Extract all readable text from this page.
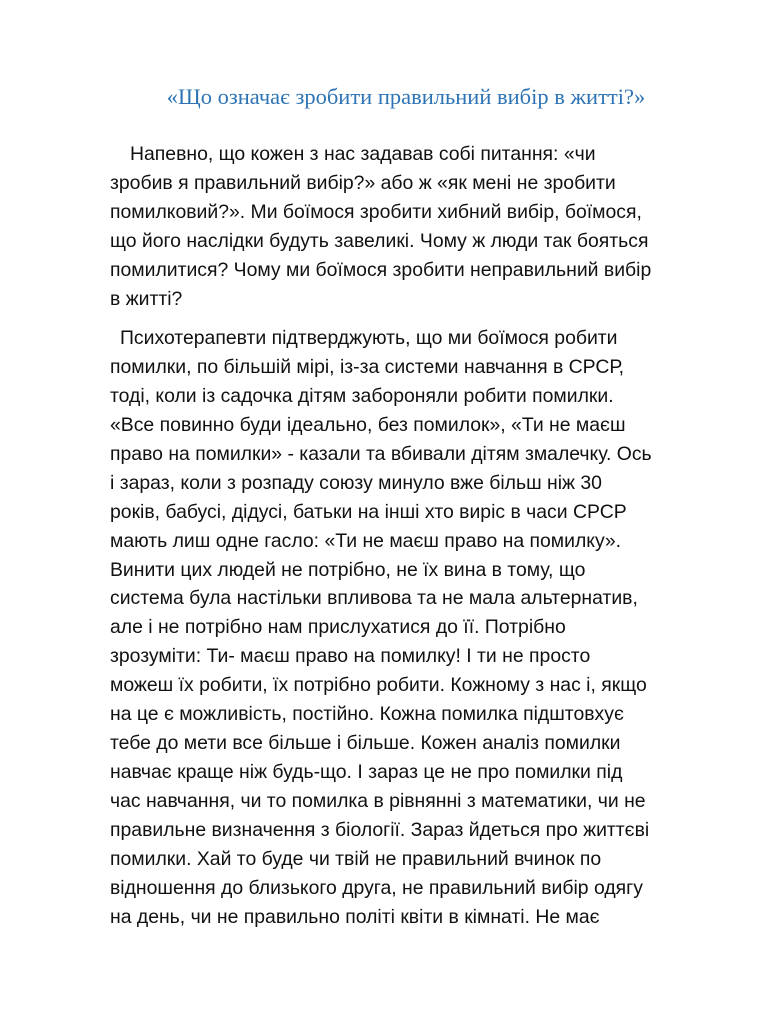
«Що означає зробити правильний вибір в житті?»

Напевно, що кожен з нас задавав собі питання: «чи
зробив я правильний вибір?» або ж «як мені не зробити
помилковий?». Ми боїмося зробити хибний вибір, боїмося,
що його наслідки будуть завеликі. Чому ж люди так бояться
помилитися? Чому ми боїмося зробити неправильний вибір
в житті?

Психотерапевти підтверджують, що ми боїмося робити
помилки, по більшій мірі, із-за системи навчання в СРСР,
тоді, коли із садочка дітям забороняли робити помилки.
«Все повинно буди ідеально, без помилок», «Ти не маєш
право на помилки» - казали та вбивали дітям змалечку. Ось
і зараз, коли з розпаду союзу минуло вже більш ніж 30
років, бабусі, дідусі, батьки на інші хто виріс в часи СРСР
мають лиш одне гасло: «Ти не маєш право на помилку».
Винити цих людей не потрібно, не їх вина в тому, що
система була настільки впливова та не мала альтернатив,
але і не потрібно нам прислухатися до її. Потрібно
зрозуміти: Ти- маєш право на помилку! І ти не просто
можеш їх робити, їх потрібно робити. Кожному з нас і, якщо
на це є можливість, постійно. Кожна помилка підштовхує
тебе до мети все більше і більше. Кожен аналіз помилки
навчає краще ніж будь-що. І зараз це не про помилки під
час навчання, чи то помилка в рівнянні з математики, чи не
правильне визначення з біології. Зараз йдеться про життєві
помилки. Хай то буде чи твій не правильний вчинок по
відношення до близького друга, не правильний вибір одягу
на день, чи не правильно політі квіти в кімнаті. Не має
